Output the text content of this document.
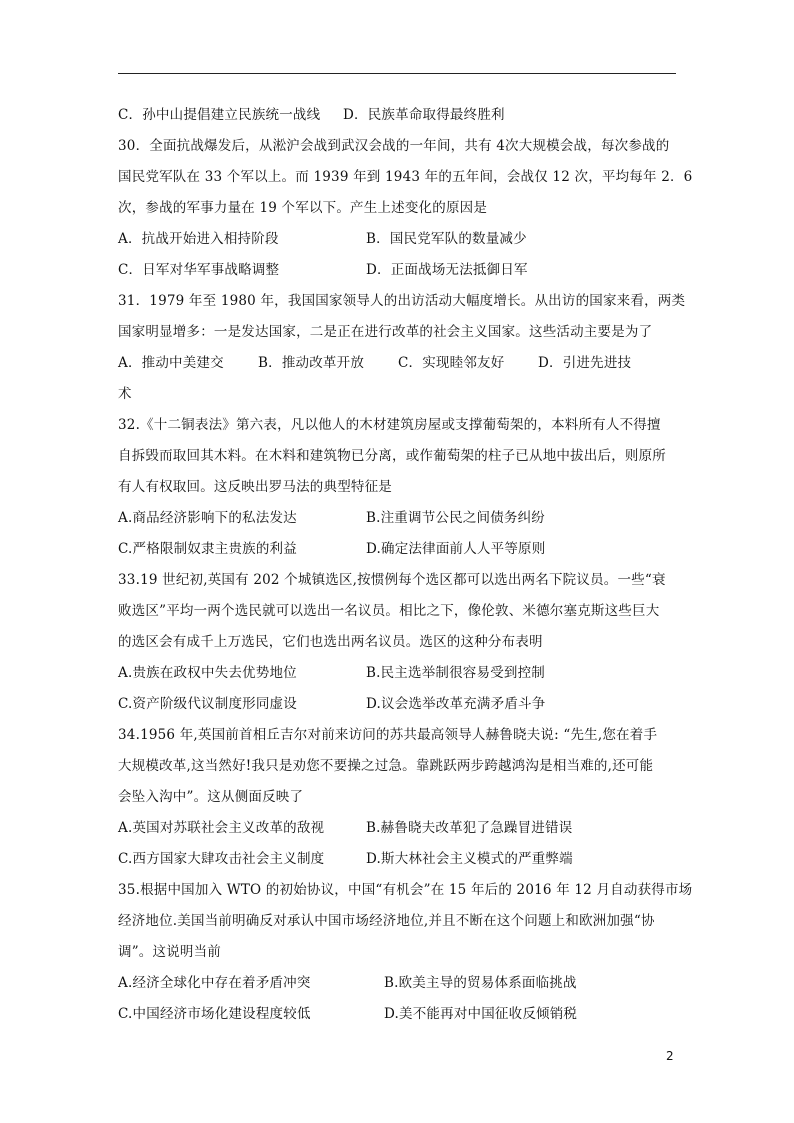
C．孙中山提倡建立民族统一战线	D．民族革命取得最终胜利
30．全面抗战爆发后，从淞沪会战到武汉会战的一年间，共有 4次大规模会战，每次参战的
国民党军队在 33 个军以上。而 1939 年到 1943 年的五年间，会战仅 12 次，平均每年 2．6
次，参战的军事力量在 19 个军以下。产生上述变化的原因是
A．抗战开始进入相持阶段	B．国民党军队的数量减少
C．日军对华军事战略调整	D．正面战场无法抵御日军
31．1979 年至 1980 年，我国国家领导人的出访活动大幅度增长。从出访的国家来看，两类
国家明显增多：一是发达国家，二是正在进行改革的社会主义国家。这些活动主要是为了
A．推动中美建交	B．推动改革开放	C．实现睦邻友好	D．引进先进技
术
32.《十二铜表法》第六表，凡以他人的木材建筑房屋或支撑葡萄架的，本料所有人不得擅
自拆毁而取回其木料。在木料和建筑物已分离，或作葡萄架的柱子已从地中拔出后，则原所
有人有权取回。这反映出罗马法的典型特征是
A.商品经济影响下的私法发达	B.注重调节公民之间债务纠纷
C.严格限制奴隶主贵族的利益	D.确定法律面前人人平等原则
33.19 世纪初,英国有 202 个城镇选区,按惯例每个选区都可以选出两名下院议员。一些“衰
败选区”平均一两个选民就可以选出一名议员。相比之下，像伦敦、米德尔塞克斯这些巨大
的选区会有成千上万选民，它们也选出两名议员。选区的这种分布表明
A.贵族在政权中失去优势地位	B.民主选举制很容易受到控制
C.资产阶级代议制度形同虚设	D.议会选举改革充满矛盾斗争
34.1956 年,英国前首相丘吉尔对前来访问的苏共最高领导人赫鲁晓夫说: “先生,您在着手
大规模改革,这当然好!我只是劝您不要操之过急。靠跳跃两步跨越鸿沟是相当难的,还可能
会坠入沟中”。这从侧面反映了
A.英国对苏联社会主义改革的敌视	B.赫鲁晓夫改革犯了急躁冒进错误
C.西方国家大肆攻击社会主义制度	D.斯大林社会主义模式的严重弊端
35.根据中国加入 WTO 的初始协议，中国“有机会”在 15 年后的 2016 年 12 月自动获得市场
经济地位.美国当前明确反对承认中国市场经济地位,并且不断在这个问题上和欧洲加强“协
调”。这说明当前
A.经济全球化中存在着矛盾冲突	B.欧美主导的贸易体系面临挑战
C.中国经济市场化建设程度较低	D.美不能再对中国征收反倾销税
2
